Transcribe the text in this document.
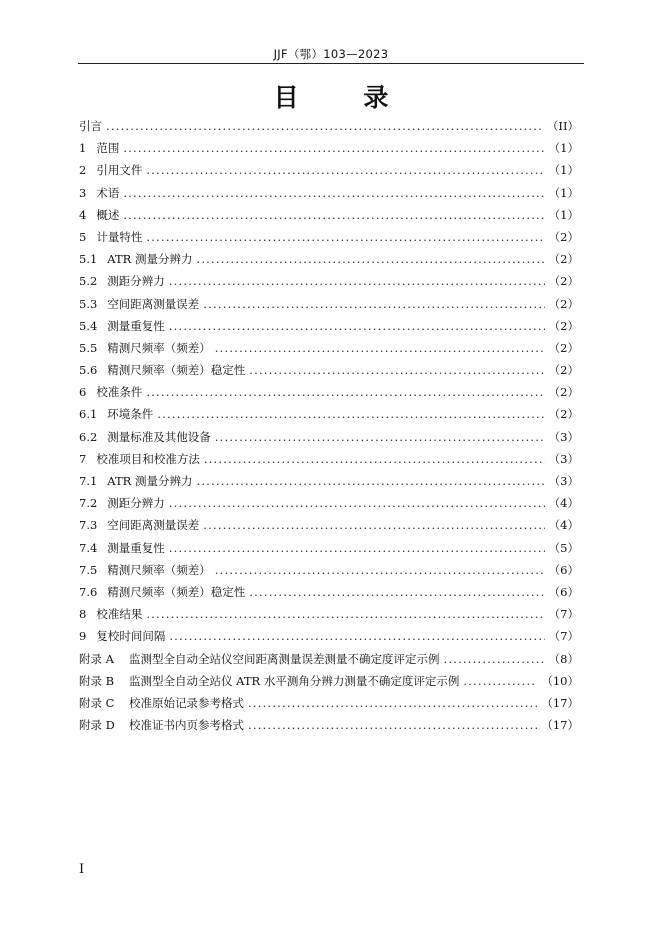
JJF（鄂）103—2023
目 录
引言 .....	（II）
1 范围 .....	（1）
2 引用文件 .....	（1）
3 术语 .....	（1）
4 概述 .....	（1）
5 计量特性 .....	（2）
5.1 ATR 测量分辨力 .....	（2）
5.2 测距分辨力 .....	（2）
5.3 空间距离测量误差 .....	（2）
5.4 测量重复性 .....	（2）
5.5 精测尺频率（频差） .....	（2）
5.6 精测尺频率（频差）稳定性 .....	（2）
6 校准条件 .....	（2）
6.1 环境条件 .....	（2）
6.2 测量标准及其他设备 .....	（3）
7 校准项目和校准方法 .....	（3）
7.1 ATR 测量分辨力 .....	（3）
7.2 测距分辨力 .....	（4）
7.3 空间距离测量误差 .....	（4）
7.4 测量重复性 .....	（5）
7.5 精测尺频率（频差） .....	（6）
7.6 精测尺频率（频差）稳定性 .....	（6）
8 校准结果 .....	（7）
9 复校时间间隔 .....	（7）
附录 A	监测型全自动全站仪空间距离测量误差测量不确定度评定示例 .....	（8）
附录 B	监测型全自动全站仪 ATR 水平测角分辨力测量不确定度评定示例 .....	（10）
附录 C	校准原始记录参考格式 .....	（17）
附录 D	校准证书内页参考格式 .....	（17）
I
